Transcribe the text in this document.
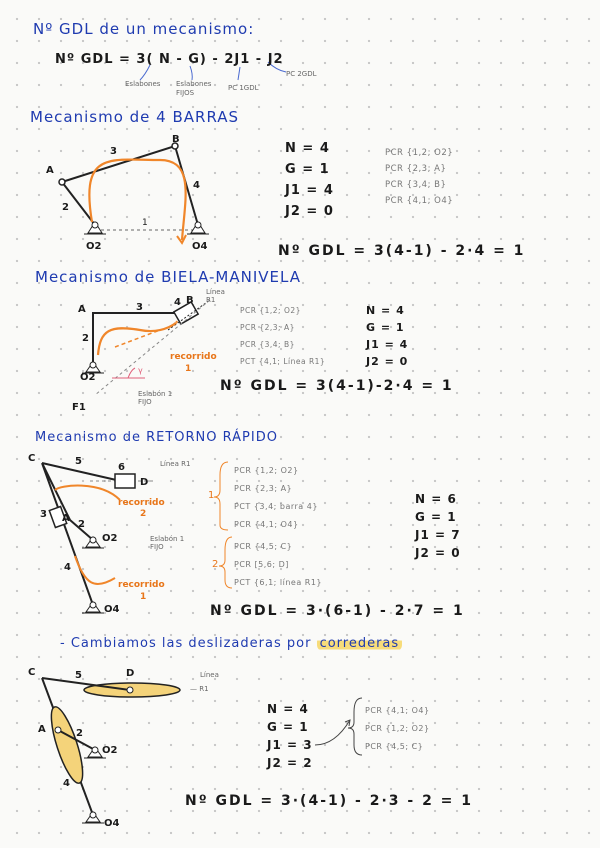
Nº GDL de un mecanismo:
Nº GDL = 3( N - G) - 2J1 - J2
Eslabones Eslabones FIJOS
PC 1GDL
PC 2GDL
Mecanismo de 4 BARRAS
A
B
3
4
2
1
O2	O4
N = 4
G = 1
J1 = 4
J2 = 0
PCR {1,2; O2}
PCR {2,3; A}
PCR {3,4; B}
PCR {4,1; O4}
Nº GDL = 3(4-1) - 2·4 = 1
Mecanismo de BIELA-MANIVELA
A	3	4 B
Línea R1
2
O2
F1
recorrido
1
Eslabón 1 FIJO
γ
PCR {1,2; O2}
PCR {2,3; A}
PCR {3,4; B}
PCT {4,1; Línea R1}
N = 4
G = 1
J1 = 4
J2 = 0
Nº GDL = 3(4-1)-2·4 = 1
Mecanismo de RETORNO RÁPIDO
C	5
6
D
Línea R1
recorrido
2
3 A
2
O2	Eslabón 1 FIJO
4
recorrido
1
O4
1
2
PCR {1,2; O2}
PCR {2,3; A}
PCT {3,4; barra 4}
PCR {4,1; O4}
PCR {4,5; C}
PCR [5,6; D]
PCT {6,1; línea R1}
N = 6
G = 1
J1 = 7
J2 = 0
Nº GDL = 3·(6-1) - 2·7 = 1
- Cambiamos las deslizaderas por correderas
C	5	D	Línea
— R1
A	2
O2
4
O4
N = 4
G = 1
J1 = 3
J2 = 2
PCR {4,1; O4}
PCR {1,2; O2}
PCR {4,5; C}
Nº GDL = 3·(4-1) - 2·3 - 2 = 1
